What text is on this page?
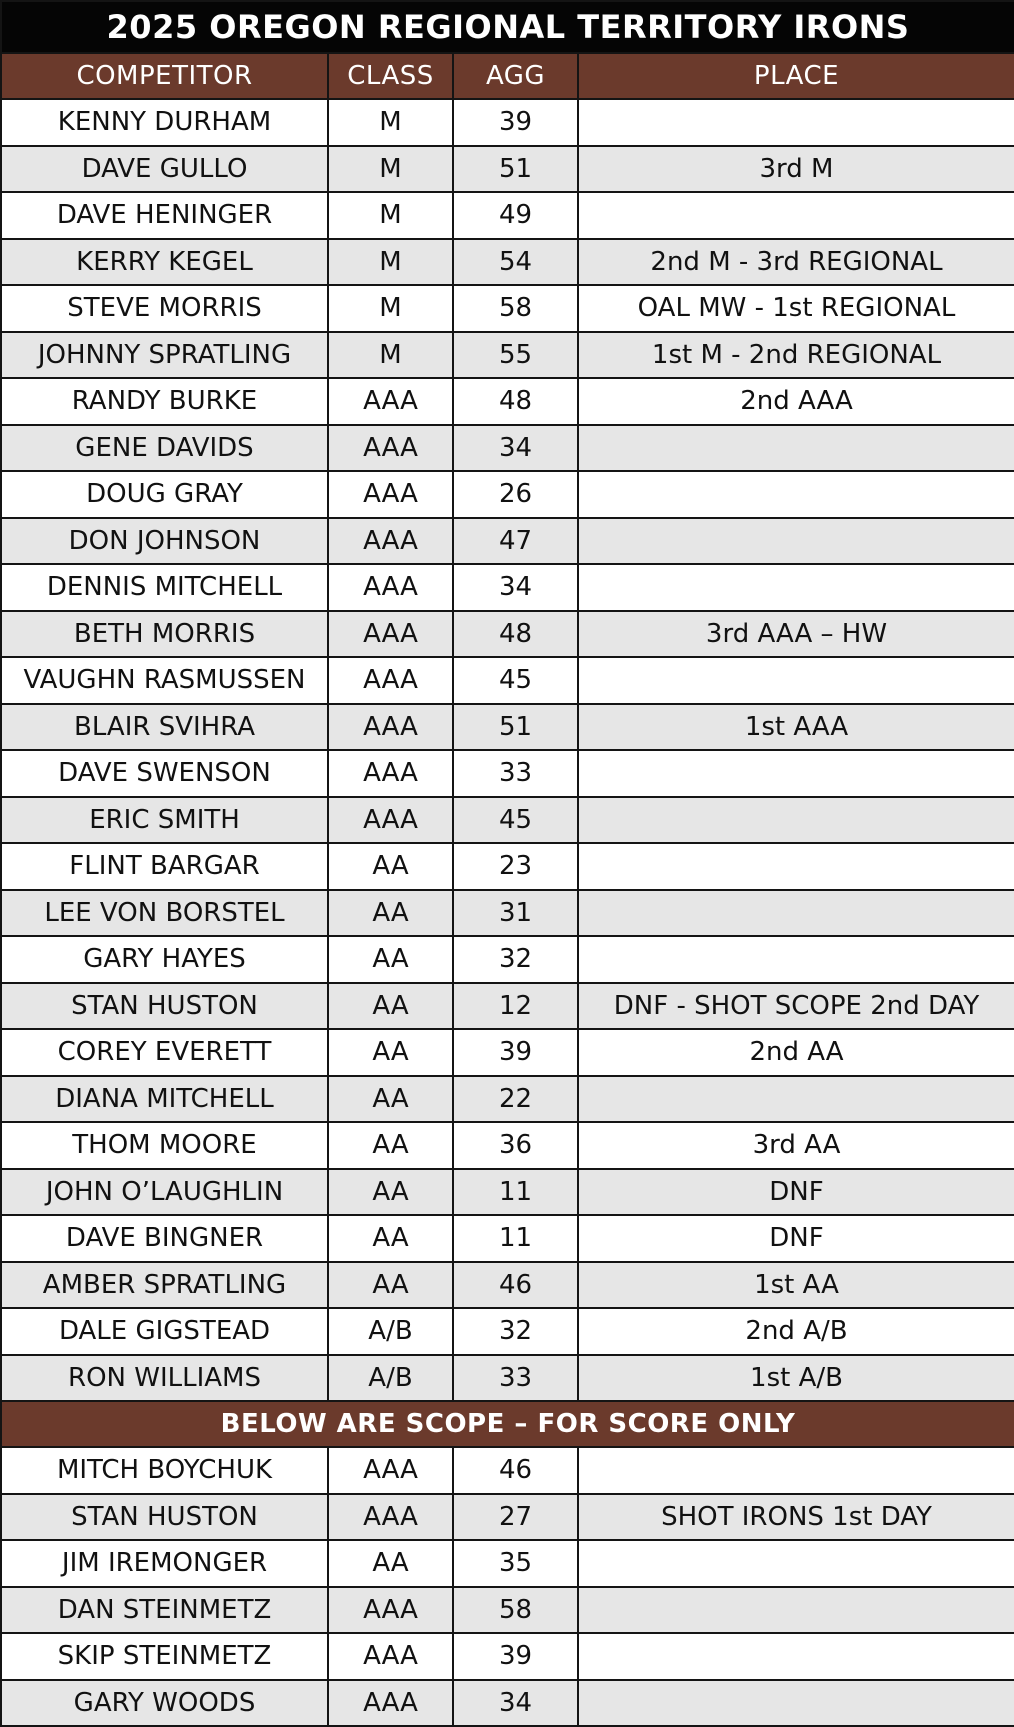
2025 OREGON REGIONAL TERRITORY IRONS			
COMPETITOR	CLASS	AGG	PLACE
KENNY DURHAM	M	39	
DAVE GULLO	M	51	3rd M
DAVE HENINGER	M	49	
KERRY KEGEL	M	54	2nd M - 3rd REGIONAL
STEVE MORRIS	M	58	OAL MW - 1st REGIONAL
JOHNNY SPRATLING	M	55	1st M - 2nd REGIONAL
RANDY BURKE	AAA	48	2nd AAA
GENE DAVIDS	AAA	34	
DOUG GRAY	AAA	26	
DON JOHNSON	AAA	47	
DENNIS MITCHELL	AAA	34	
BETH MORRIS	AAA	48	3rd AAA – HW
VAUGHN RASMUSSEN	AAA	45	
BLAIR SVIHRA	AAA	51	1st AAA
DAVE SWENSON	AAA	33	
ERIC SMITH	AAA	45	
FLINT BARGAR	AA	23	
LEE VON BORSTEL	AA	31	
GARY HAYES	AA	32	
STAN HUSTON	AA	12	DNF - SHOT SCOPE 2nd DAY
COREY EVERETT	AA	39	2nd AA
DIANA MITCHELL	AA	22	
THOM MOORE	AA	36	3rd AA
JOHN O’LAUGHLIN	AA	11	DNF
DAVE BINGNER	AA	11	DNF
AMBER SPRATLING	AA	46	1st AA
DALE GIGSTEAD	A/B	32	2nd A/B
RON WILLIAMS	A/B	33	1st A/B
BELOW ARE SCOPE – FOR SCORE ONLY			
MITCH BOYCHUK	AAA	46	
STAN HUSTON	AAA	27	SHOT IRONS 1st DAY
JIM IREMONGER	AA	35	
DAN STEINMETZ	AAA	58	
SKIP STEINMETZ	AAA	39	
GARY WOODS	AAA	34	
